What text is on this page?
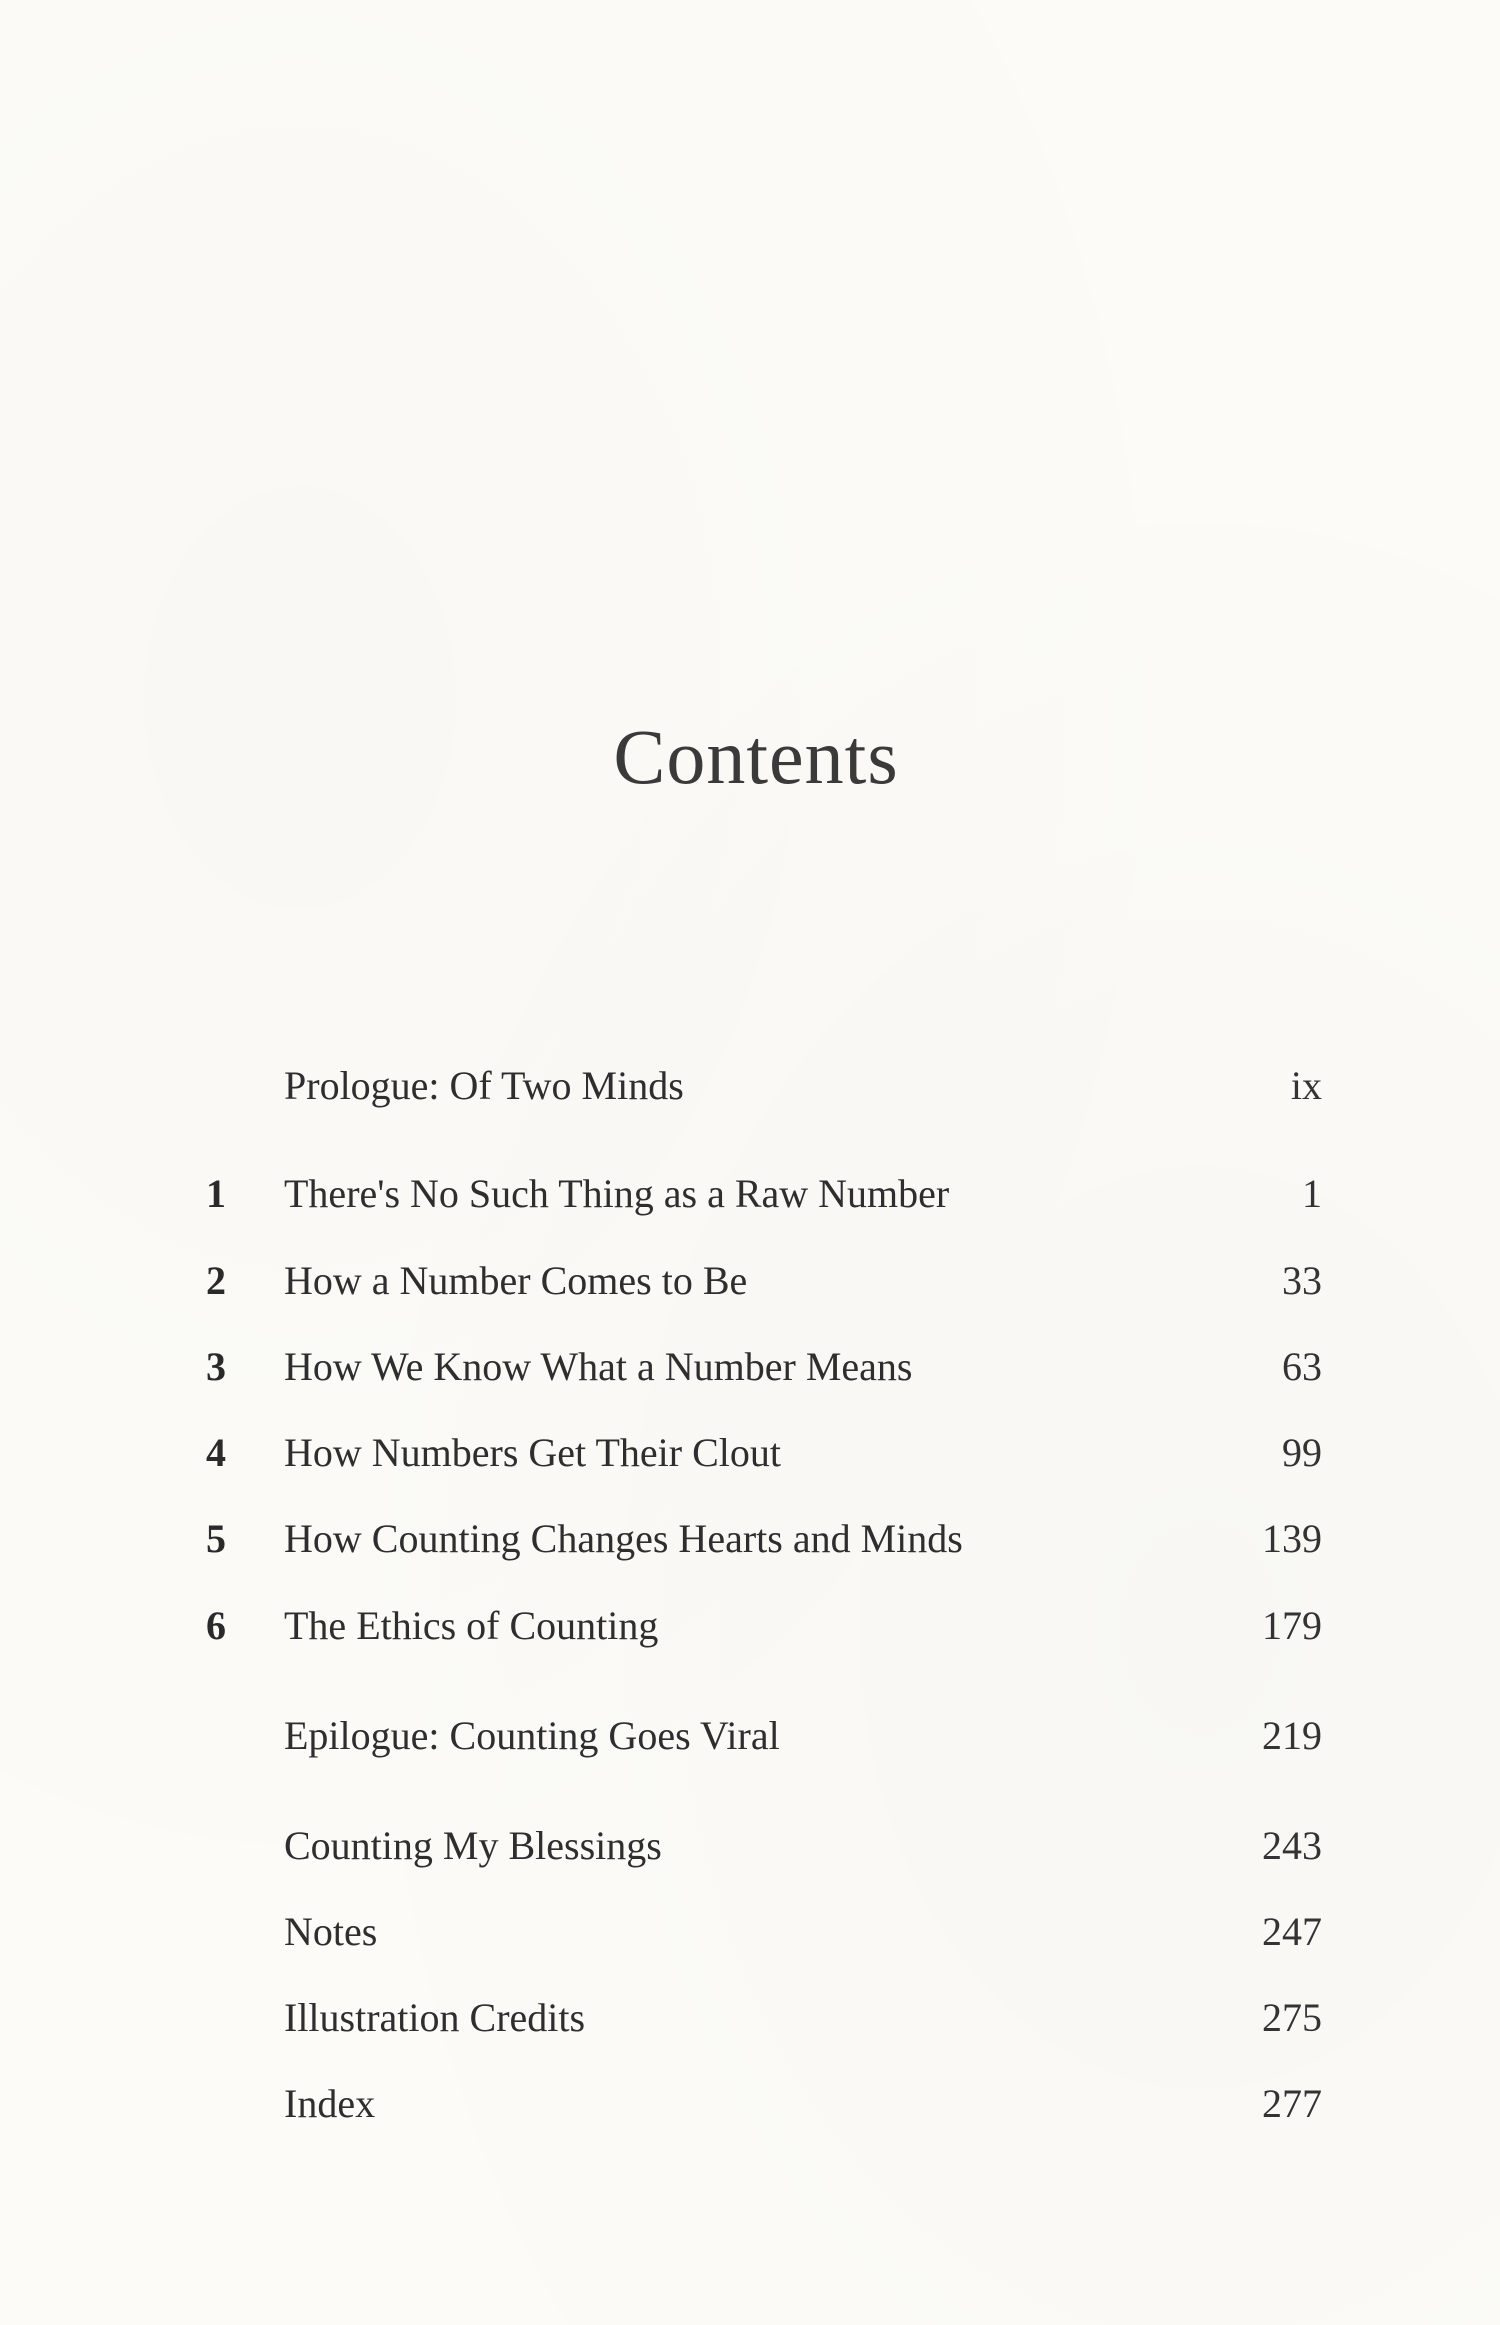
Contents
Prologue: Of Two Minds	ix
1 There's No Such Thing as a Raw Number	1
2 How a Number Comes to Be	33
3 How We Know What a Number Means	63
4 How Numbers Get Their Clout	99
5 How Counting Changes Hearts and Minds	139
6 The Ethics of Counting	179
Epilogue: Counting Goes Viral	219
Counting My Blessings	243
Notes	247
Illustration Credits	275
Index	277
